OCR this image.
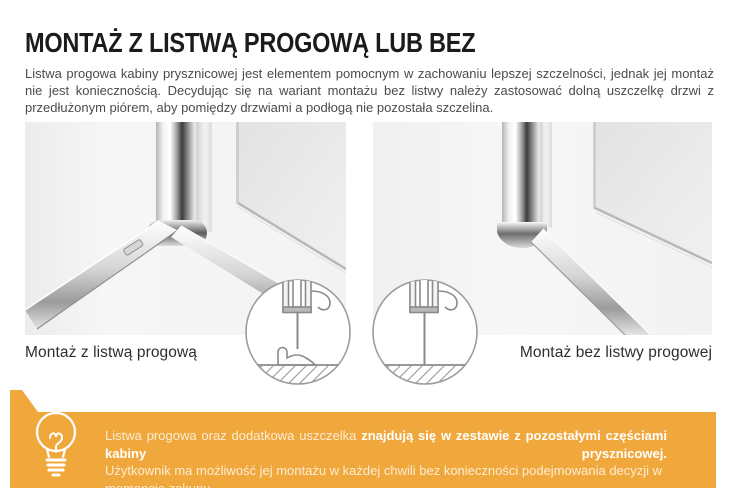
MONTAŻ Z LISTWĄ PROGOWĄ LUB BEZ

Listwa progowa kabiny prysznicowej jest elementem pomocnym w zachowaniu lepszej szczelności, jednak jej montaż nie jest koniecznością. Decydując się na wariant montażu bez listwy należy zastosować dolną uszczelkę drzwi z przedłużonym piórem, aby pomiędzy drzwiami a podłogą nie pozostała szczelina.

Montaż z listwą progową	Montaż bez listwy progowej
Listwa progowa oraz dodatkowa uszczelka znajdują się w zestawie z pozostałymi częściami kabiny prysznicowej.
Użytkownik ma możliwość jej montażu w każdej chwili bez konieczności podejmowania decyzji w momencie zakupu.
